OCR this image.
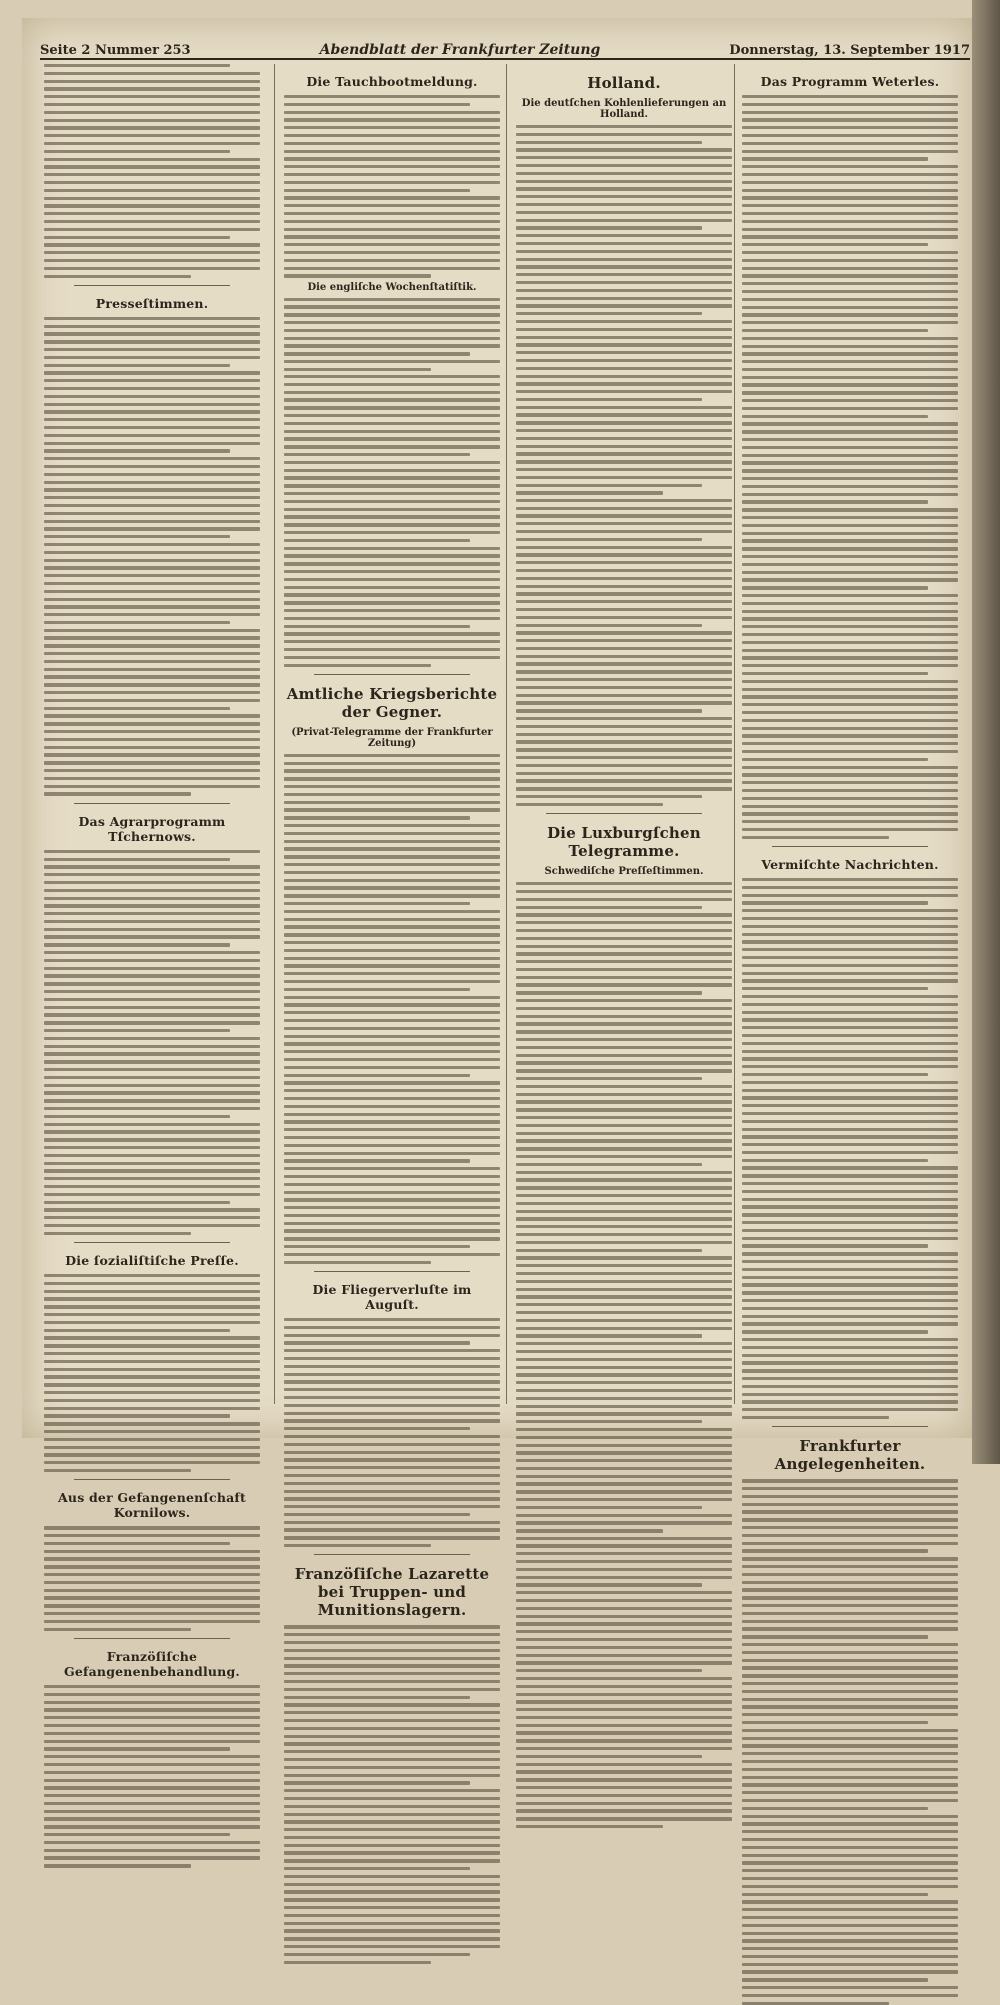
Seite 2 Nummer 253	Abendblatt der Frankfurter Zeitung	Donnerstag, 13. September 1917
Presseſtimmen.
Das Agrarprogramm Tſchernows.
Die ſozialiſtiſche Preſſe.
Aus der Gefangenenſchaft Kornilows.
Franzöſiſche Gefangenenbehandlung.
Die Tauchbootmeldung.
Die engliſche Wochenſtatiſtik.
Amtliche Kriegsberichte der Gegner.
(Privat-Telegramme der Frankfurter Zeitung)
Die Fliegerverluſte im Auguſt.
Franzöſiſche Lazarette bei Truppen- und Munitionslagern.
Holland.
Die deutſchen Kohlenlieferungen an Holland.
Die Luxburgſchen Telegramme.
Schwediſche Preſſeſtimmen.
Das Programm Weterles.
Vermiſchte Nachrichten.
Frankfurter Angelegenheiten.
